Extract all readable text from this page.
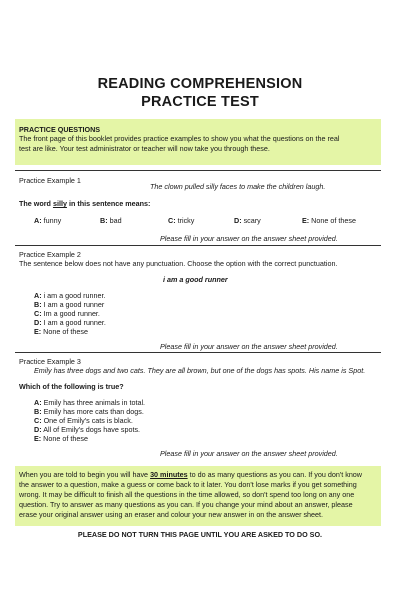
READING COMPREHENSION
PRACTICE TEST
PRACTICE QUESTIONS
The front page of this booklet provides practice examples to show you what the questions on the real
test are like. Your test administrator or teacher will now take you through these.
Practice Example 1
The clown pulled silly faces to make the children laugh.
The word silly in this sentence means:
A: funny	B: bad	C: tricky	D: scary	E: None of these
Please fill in your answer on the answer sheet provided.
Practice Example 2
The sentence below does not have any punctuation. Choose the option with the correct punctuation.
i am a good runner
A: i am a good runner.
B: I am a good runner
C: Im a good runner.
D: I am a good runner.
E: None of these
Please fill in your answer on the answer sheet provided.
Practice Example 3
Emily has three dogs and two cats. They are all brown, but one of the dogs has spots. His name is Spot.
Which of the following is true?
A: Emily has three animals in total.
B: Emily has more cats than dogs.
C: One of Emily's cats is black.
D: All of Emily's dogs have spots.
E: None of these
Please fill in your answer on the answer sheet provided.
When you are told to begin you will have 30 minutes to do as many questions as you can. If you don't know
the answer to a question, make a guess or come back to it later. You don't lose marks if you get something
wrong. It may be difficult to finish all the questions in the time allowed, so don't spend too long on any one
question. Try to answer as many questions as you can. If you change your mind about an answer, please
erase your original answer using an eraser and colour your new answer in on the answer sheet.
PLEASE DO NOT TURN THIS PAGE UNTIL YOU ARE ASKED TO DO SO.
